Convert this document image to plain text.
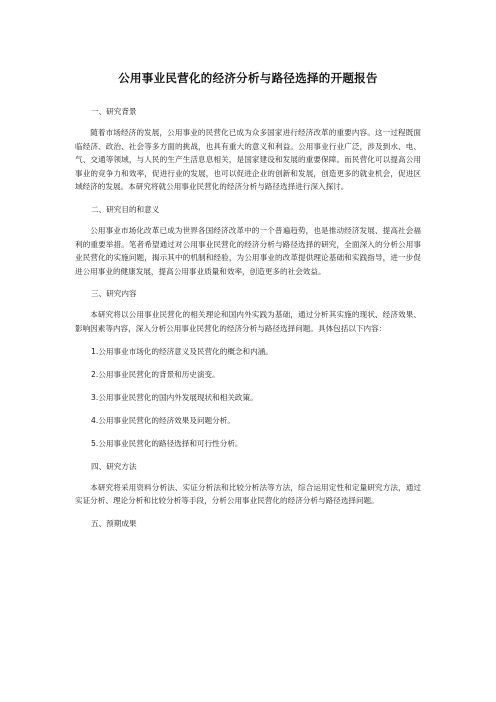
公用事业民营化的经济分析与路径选择的开题报告
一、研究背景

随着市场经济的发展，公用事业的民营化已成为众多国家进行经济改革的重要内容。这一过程既面临经济、政治、社会等多方面的挑战，也具有重大的意义和利益。公用事业行业广泛，涉及到水、电、气、交通等领域，与人民的生产生活息息相关，是国家建设和发展的重要保障。而民营化可以提高公用事业的竞争力和效率，促进行业的发展，也可以促进企业的创新和发展，创造更多的就业机会，促进区域经济的发展。本研究将就公用事业民营化的经济分析与路径选择进行深入探讨。

二、研究目的和意义

公用事业市场化改革已成为世界各国经济改革中的一个普遍趋势，也是推动经济发展、提高社会福利的重要举措。笔者希望通过对公用事业民营化的经济分析与路径选择的研究，全面深入的分析公用事业民营化的实施问题，揭示其中的机制和经验，为公用事业的改革提供理论基础和实践指导，进一步促进公用事业的健康发展，提高公用事业质量和效率，创造更多的社会效益。

三、研究内容

本研究将以公用事业民营化的相关理论和国内外实践为基础，通过分析其实施的现状、经济效果、影响因素等内容，深入分析公用事业民营化的经济分析与路径选择问题。具体包括以下内容：

1.公用事业市场化的经济意义及民营化的概念和内涵。
2.公用事业民营化的背景和历史演变。
3.公用事业民营化的国内外发展现状和相关政策。
4.公用事业民营化的经济效果及问题分析。
5.公用事业民营化的路径选择和可行性分析。
四、研究方法

本研究将采用资料分析法、实证分析法和比较分析法等方法，综合运用定性和定量研究方法，通过实证分析、理论分析和比较分析等手段，分析公用事业民营化的经济分析与路径选择问题。

五、预期成果
